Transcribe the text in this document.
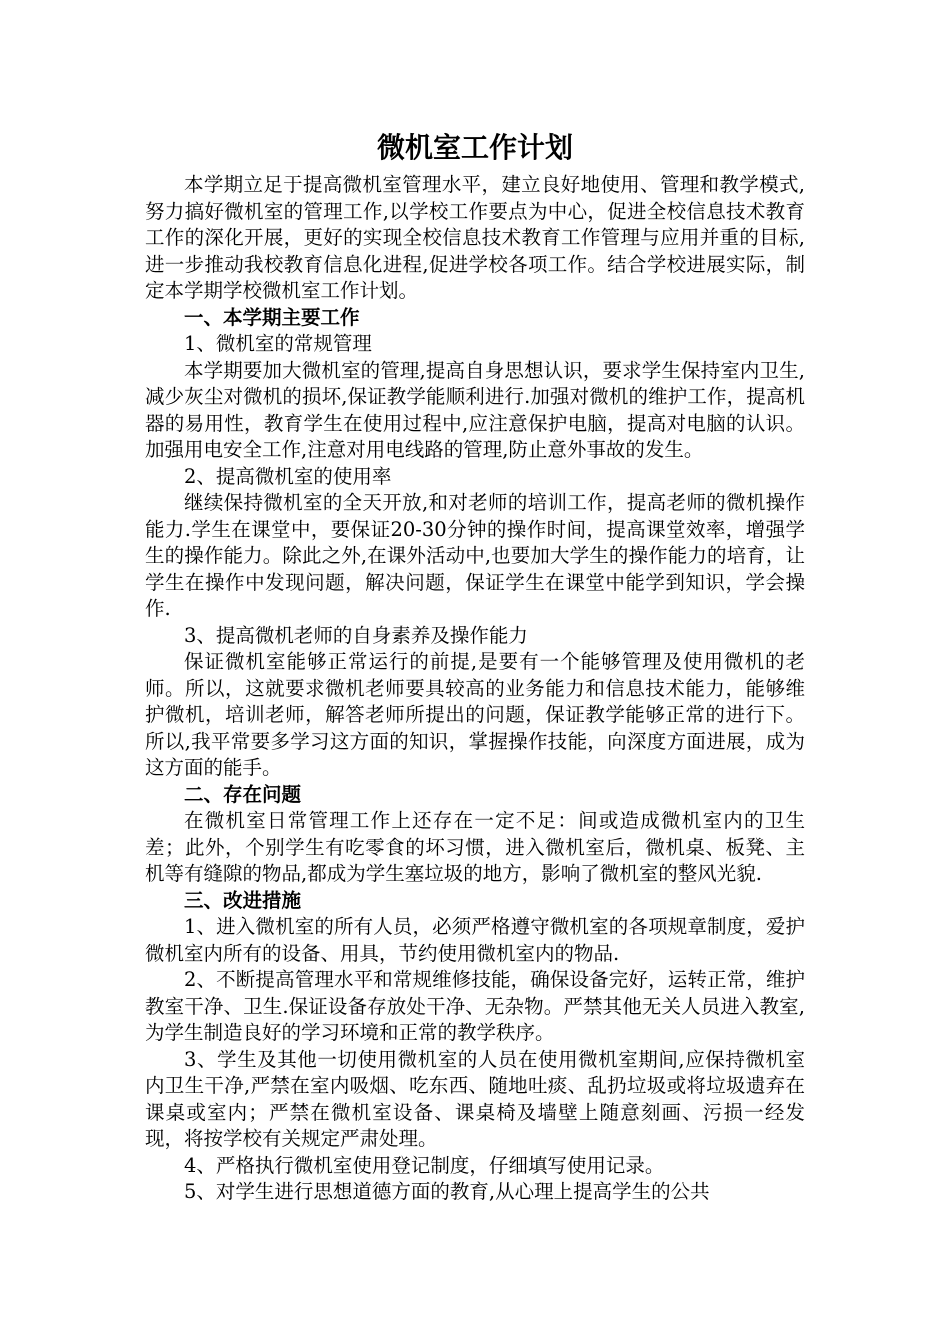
微机室工作计划

本学期立足于提高微机室管理水平，建立良好地使用、管理和教学模式,努力搞好微机室的管理工作,以学校工作要点为中心，促进全校信息技术教育工作的深化开展，更好的实现全校信息技术教育工作管理与应用并重的目标,进一步推动我校教育信息化进程,促进学校各项工作。结合学校进展实际，制定本学期学校微机室工作计划。

一、本学期主要工作

1、微机室的常规管理

本学期要加大微机室的管理,提高自身思想认识，要求学生保持室内卫生,减少灰尘对微机的损坏,保证教学能顺利进行.加强对微机的维护工作，提高机器的易用性，教育学生在使用过程中,应注意保护电脑，提高对电脑的认识。加强用电安全工作,注意对用电线路的管理,防止意外事故的发生。

2、提高微机室的使用率

继续保持微机室的全天开放,和对老师的培训工作，提高老师的微机操作能力.学生在课堂中，要保证20-30分钟的操作时间，提高课堂效率，增强学生的操作能力。除此之外,在课外活动中,也要加大学生的操作能力的培育，让学生在操作中发现问题，解决问题，保证学生在课堂中能学到知识，学会操作.

3、提高微机老师的自身素养及操作能力

保证微机室能够正常运行的前提,是要有一个能够管理及使用微机的老师。所以，这就要求微机老师要具较高的业务能力和信息技术能力，能够维护微机，培训老师，解答老师所提出的问题，保证教学能够正常的进行下。所以,我平常要多学习这方面的知识，掌握操作技能，向深度方面进展，成为这方面的能手。

二、存在问题

在微机室日常管理工作上还存在一定不足：间或造成微机室内的卫生差；此外，个别学生有吃零食的坏习惯，进入微机室后，微机桌、板凳、主机等有缝隙的物品,都成为学生塞垃圾的地方，影响了微机室的整风光貌.

三、改进措施

1、进入微机室的所有人员，必须严格遵守微机室的各项规章制度，爱护微机室内所有的设备、用具，节约使用微机室内的物品.

2、不断提高管理水平和常规维修技能，确保设备完好，运转正常，维护教室干净、卫生.保证设备存放处干净、无杂物。严禁其他无关人员进入教室,为学生制造良好的学习环境和正常的教学秩序。

3、学生及其他一切使用微机室的人员在使用微机室期间,应保持微机室内卫生干净,严禁在室内吸烟、吃东西、随地吐痰、乱扔垃圾或将垃圾遗弃在课桌或室内；严禁在微机室设备、课桌椅及墙壁上随意刻画、污损一经发现，将按学校有关规定严肃处理。

4、严格执行微机室使用登记制度，仔细填写使用记录。

5、对学生进行思想道德方面的教育,从心理上提高学生的公共
